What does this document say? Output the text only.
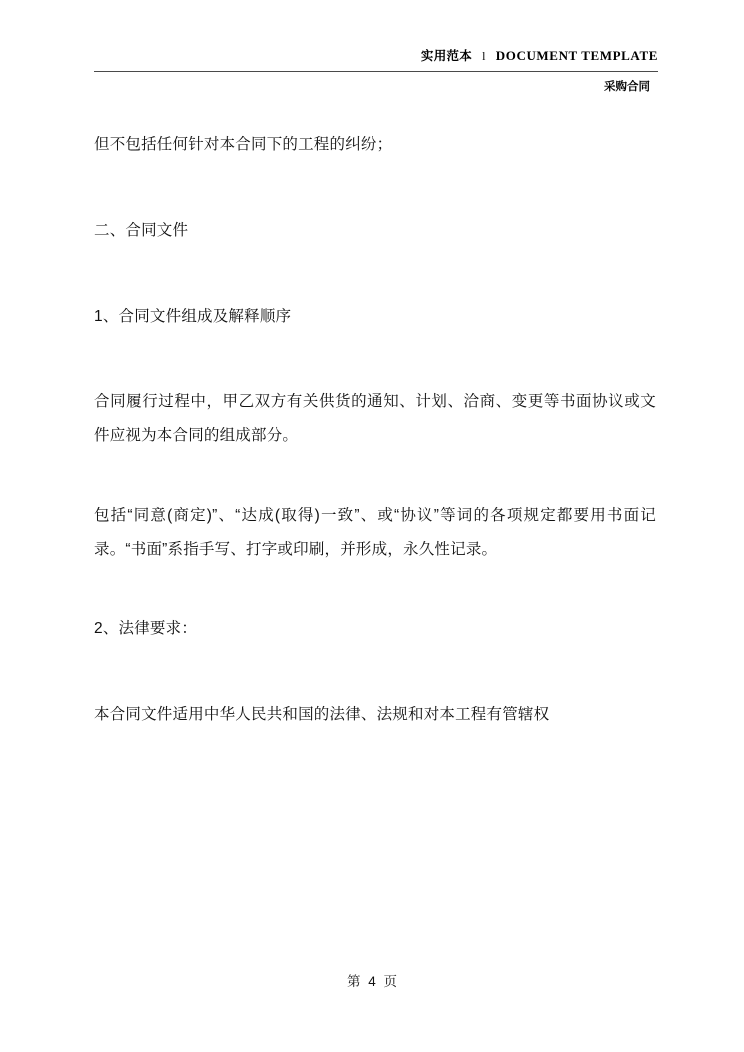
实用范本 l DOCUMENT TEMPLATE
采购合同

但不包括任何针对本合同下的工程的纠纷；

二、合同文件

1、合同文件组成及解释顺序

合同履行过程中，甲乙双方有关供货的通知、计划、洽商、变更等书面协议或文件应视为本合同的组成部分。

包括“同意(商定)”、“达成(取得)一致”、或“协议”等词的各项规定都要用书面记录。“书面”系指手写、打字或印刷，并形成，永久性记录。

2、法律要求：

本合同文件适用中华人民共和国的法律、法规和对本工程有管辖权

第 4 页
